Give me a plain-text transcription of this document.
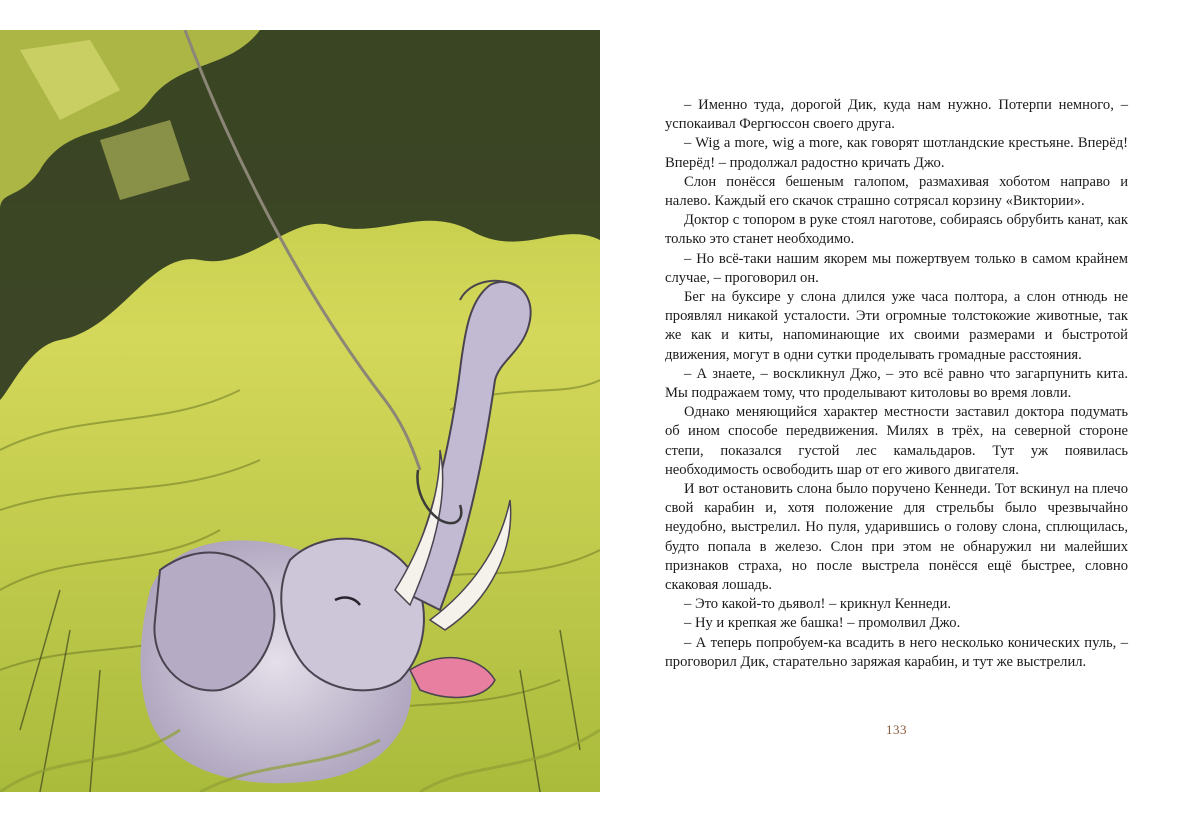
– Именно туда, дорогой Дик, куда нам нужно. Потерпи немного, – успокаивал Фергюссон своего друга.

– Wig a more, wig a more, как говорят шотландские крестьяне. Вперёд! Вперёд! – продолжал радостно кричать Джо.

Слон понёсся бешеным галопом, размахивая хоботом направо и налево. Каждый его скачок страшно сотрясал корзину «Виктории».

Доктор с топором в руке стоял наготове, собираясь обрубить канат, как только это станет необходимо.

– Но всё-таки нашим якорем мы пожертвуем только в самом крайнем случае, – проговорил он.

Бег на буксире у слона длился уже часа полтора, а слон отнюдь не проявлял никакой усталости. Эти огромные толстокожие животные, так же как и киты, напоминающие их своими размерами и быстротой движения, могут в одни сутки проделывать громадные расстояния.

– А знаете, – воскликнул Джо, – это всё равно что загарпунить кита. Мы подражаем тому, что проделывают китоловы во время ловли.

Однако меняющийся характер местности заставил доктора подумать об ином способе передвижения. Милях в трёх, на северной стороне степи, показался густой лес камальдаров. Тут уж появилась необходимость освободить шар от его живого двигателя.

И вот остановить слона было поручено Кеннеди. Тот вскинул на плечо свой карабин и, хотя положение для стрельбы было чрезвычайно неудобно, выстрелил. Но пуля, ударившись о голову слона, сплющилась, будто попала в железо. Слон при этом не обнаружил ни малейших признаков страха, но после выстрела понёсся ещё быстрее, словно скаковая лошадь.

– Это какой-то дьявол! – крикнул Кеннеди.

– Ну и крепкая же башка! – промолвил Джо.

– А теперь попробуем-ка всадить в него несколько конических пуль, – проговорил Дик, старательно заряжая карабин, и тут же выстрелил.

133
